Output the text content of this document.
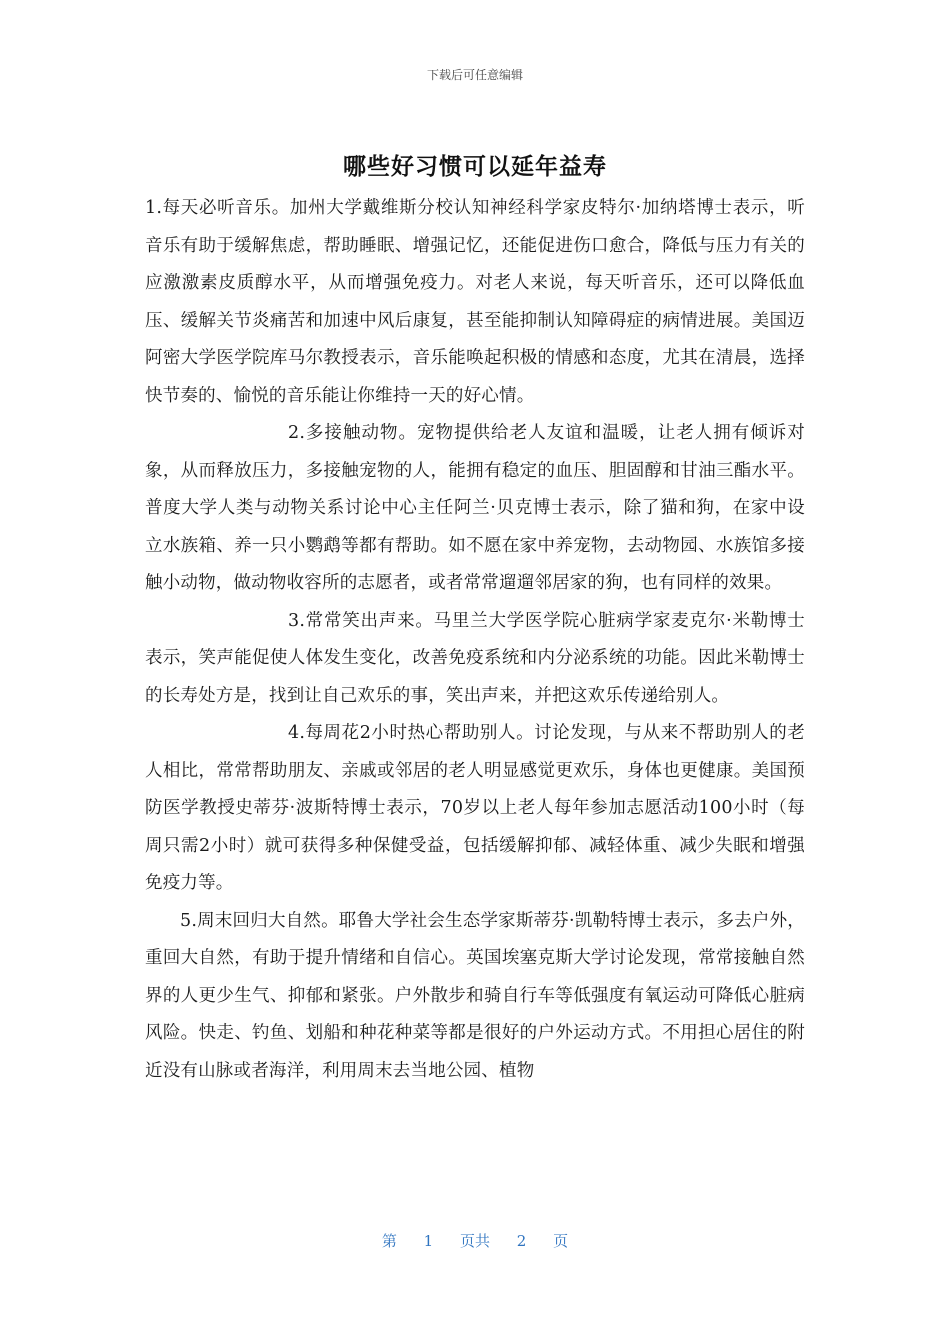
下载后可任意编辑
哪些好习惯可以延年益寿

1.每天必听音乐。加州大学戴维斯分校认知神经科学家皮特尔·加纳塔博士表示，听音乐有助于缓解焦虑，帮助睡眠、增强记忆，还能促进伤口愈合，降低与压力有关的应激激素皮质醇水平，从而增强免疫力。对老人来说，每天听音乐，还可以降低血压、缓解关节炎痛苦和加速中风后康复，甚至能抑制认知障碍症的病情进展。美国迈阿密大学医学院库马尔教授表示，音乐能唤起积极的情感和态度，尤其在清晨，选择快节奏的、愉悦的音乐能让你维持一天的好心情。

2.多接触动物。宠物提供给老人友谊和温暖，让老人拥有倾诉对象，从而释放压力，多接触宠物的人，能拥有稳定的血压、胆固醇和甘油三酯水平。普度大学人类与动物关系讨论中心主任阿兰·贝克博士表示，除了猫和狗，在家中设立水族箱、养一只小鹦鹉等都有帮助。如不愿在家中养宠物，去动物园、水族馆多接触小动物，做动物收容所的志愿者，或者常常遛遛邻居家的狗，也有同样的效果。

3.常常笑出声来。马里兰大学医学院心脏病学家麦克尔·米勒博士表示，笑声能促使人体发生变化，改善免疫系统和内分泌系统的功能。因此米勒博士的长寿处方是，找到让自己欢乐的事，笑出声来，并把这欢乐传递给别人。

4.每周花2小时热心帮助别人。讨论发现，与从来不帮助别人的老人相比，常常帮助朋友、亲戚或邻居的老人明显感觉更欢乐，身体也更健康。美国预防医学教授史蒂芬·波斯特博士表示，70岁以上老人每年参加志愿活动100小时（每周只需2小时）就可获得多种保健受益，包括缓解抑郁、减轻体重、减少失眠和增强免疫力等。

5.周末回归大自然。耶鲁大学社会生态学家斯蒂芬·凯勒特博士表示，多去户外，重回大自然，有助于提升情绪和自信心。英国埃塞克斯大学讨论发现，常常接触自然界的人更少生气、抑郁和紧张。户外散步和骑自行车等低强度有氧运动可降低心脏病风险。快走、钓鱼、划船和种花种菜等都是很好的户外运动方式。不用担心居住的附近没有山脉或者海洋，利用周末去当地公园、植物

第 1 页共 2 页
